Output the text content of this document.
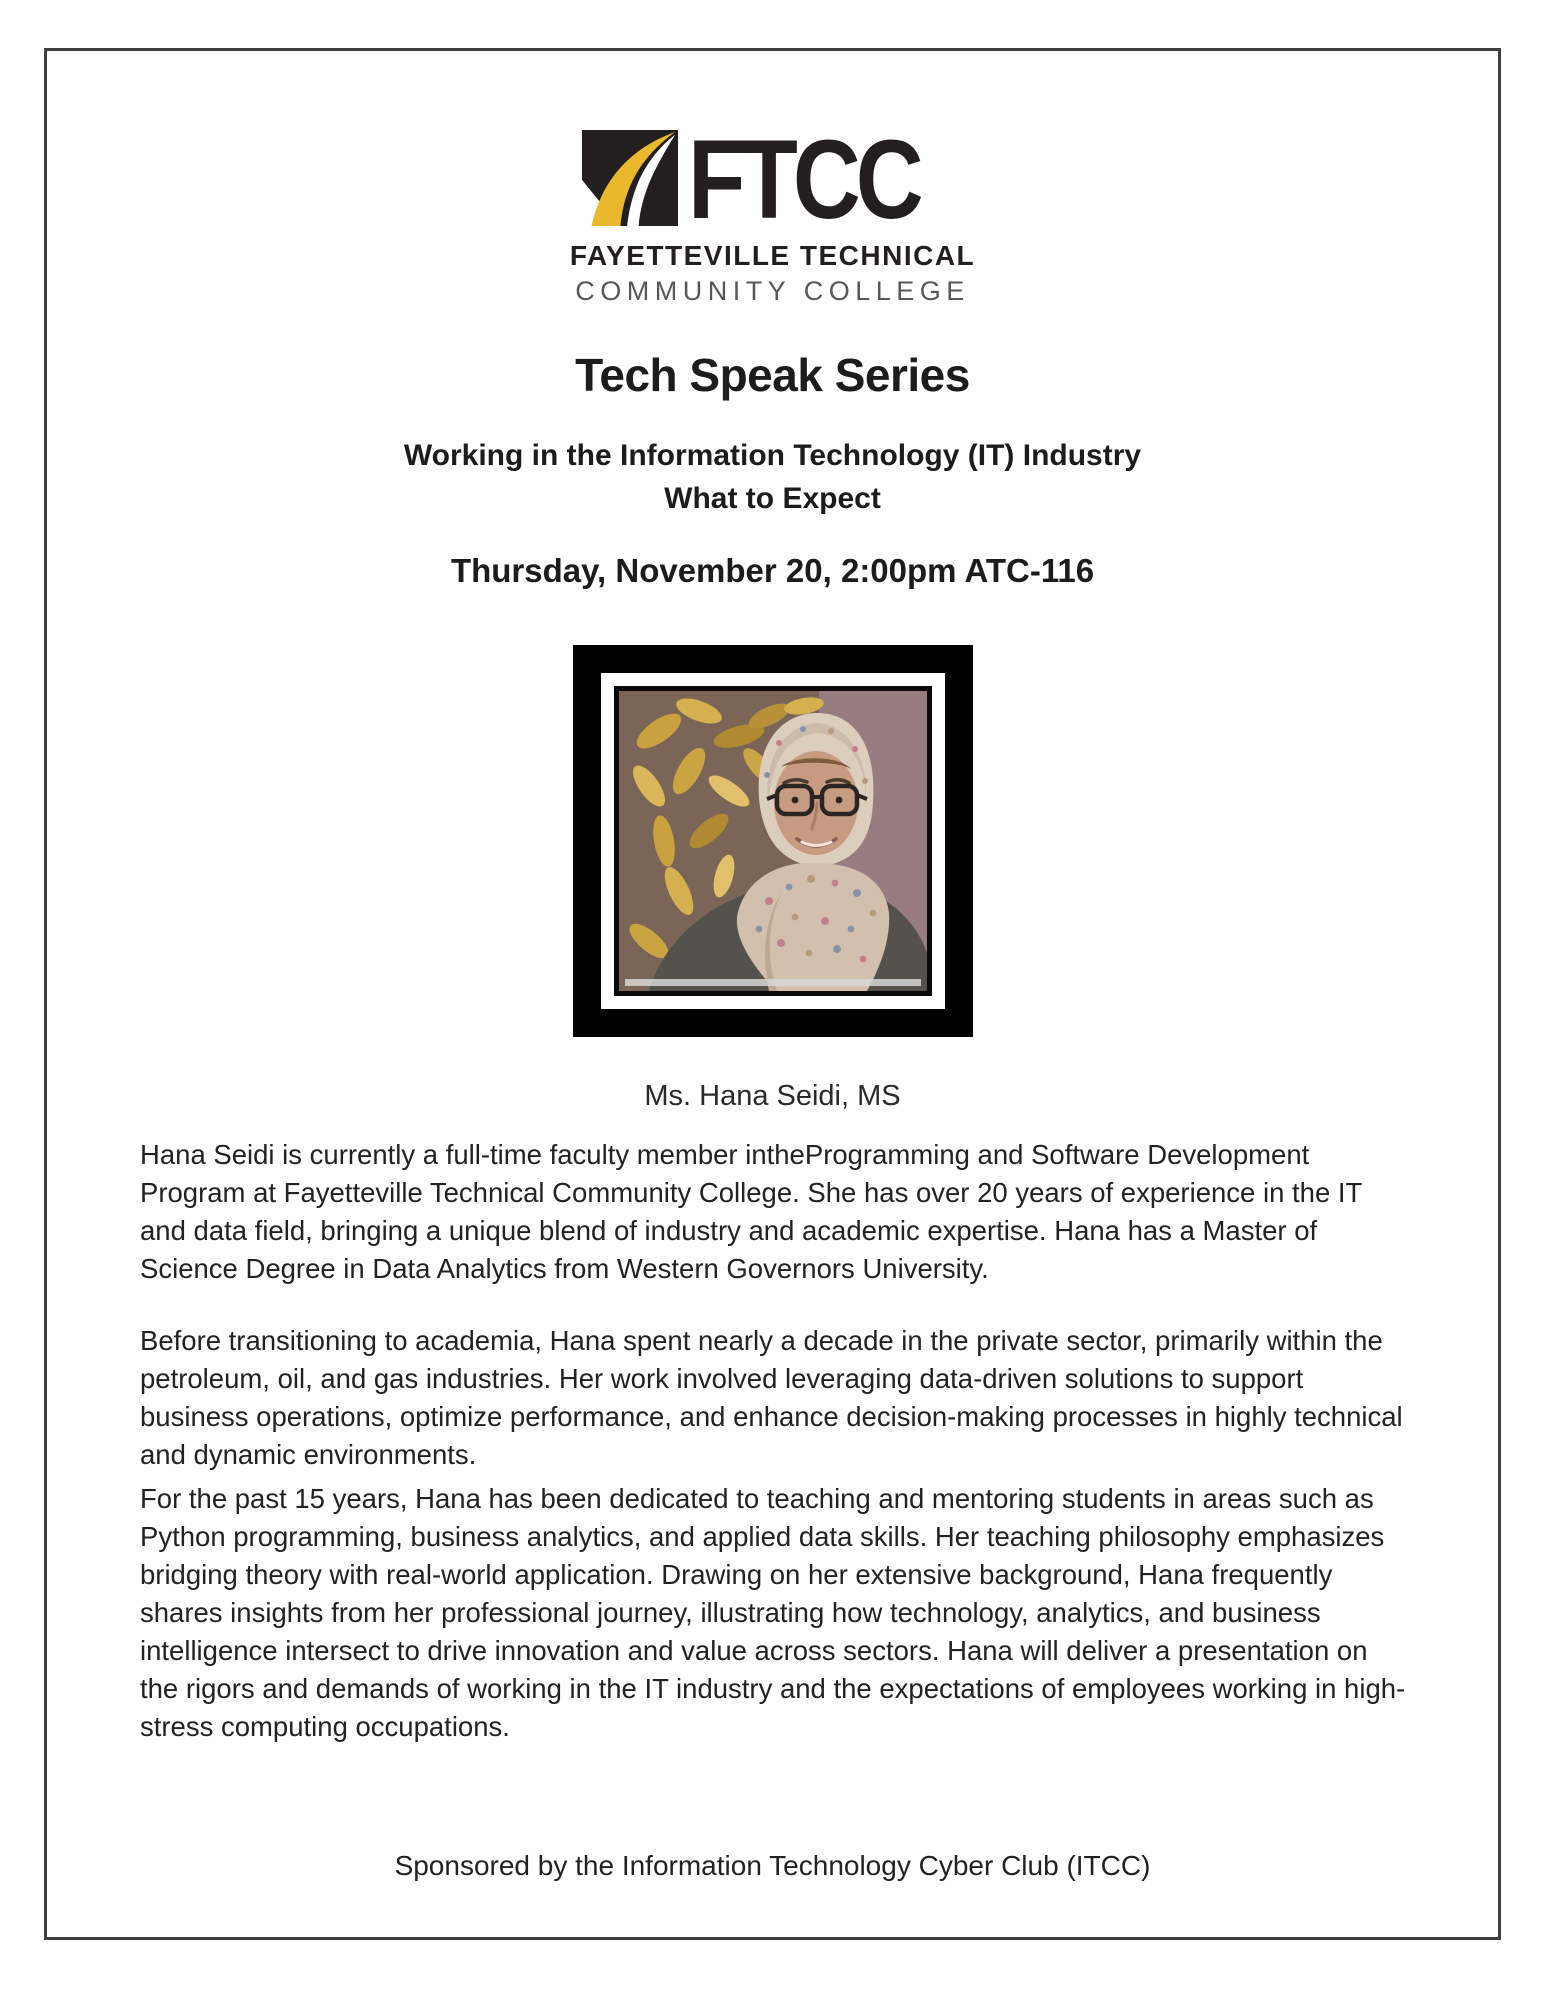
FTCC
FAYETTEVILLE TECHNICAL
COMMUNITY COLLEGE
Tech Speak Series
Working in the Information Technology (IT) Industry
What to Expect
Thursday, November 20, 2:00pm ATC-116
Ms. Hana Seidi, MS

Hana Seidi is currently a full-time faculty member intheProgramming and Software Development Program at Fayetteville Technical Community College. She has over 20 years of experience in the IT and data field, bringing a unique blend of industry and academic expertise. Hana has a Master of Science Degree in Data Analytics from Western Governors University.

Before transitioning to academia, Hana spent nearly a decade in the private sector, primarily within the petroleum, oil, and gas industries. Her work involved leveraging data-driven solutions to support business operations, optimize performance, and enhance decision-making processes in highly technical and dynamic environments.

For the past 15 years, Hana has been dedicated to teaching and mentoring students in areas such as Python programming, business analytics, and applied data skills. Her teaching philosophy emphasizes bridging theory with real-world application. Drawing on her extensive background, Hana frequently shares insights from her professional journey, illustrating how technology, analytics, and business intelligence intersect to drive innovation and value across sectors. Hana will deliver a presentation on the rigors and demands of working in the IT industry and the expectations of employees working in high-stress computing occupations.

Sponsored by the Information Technology Cyber Club (ITCC)
